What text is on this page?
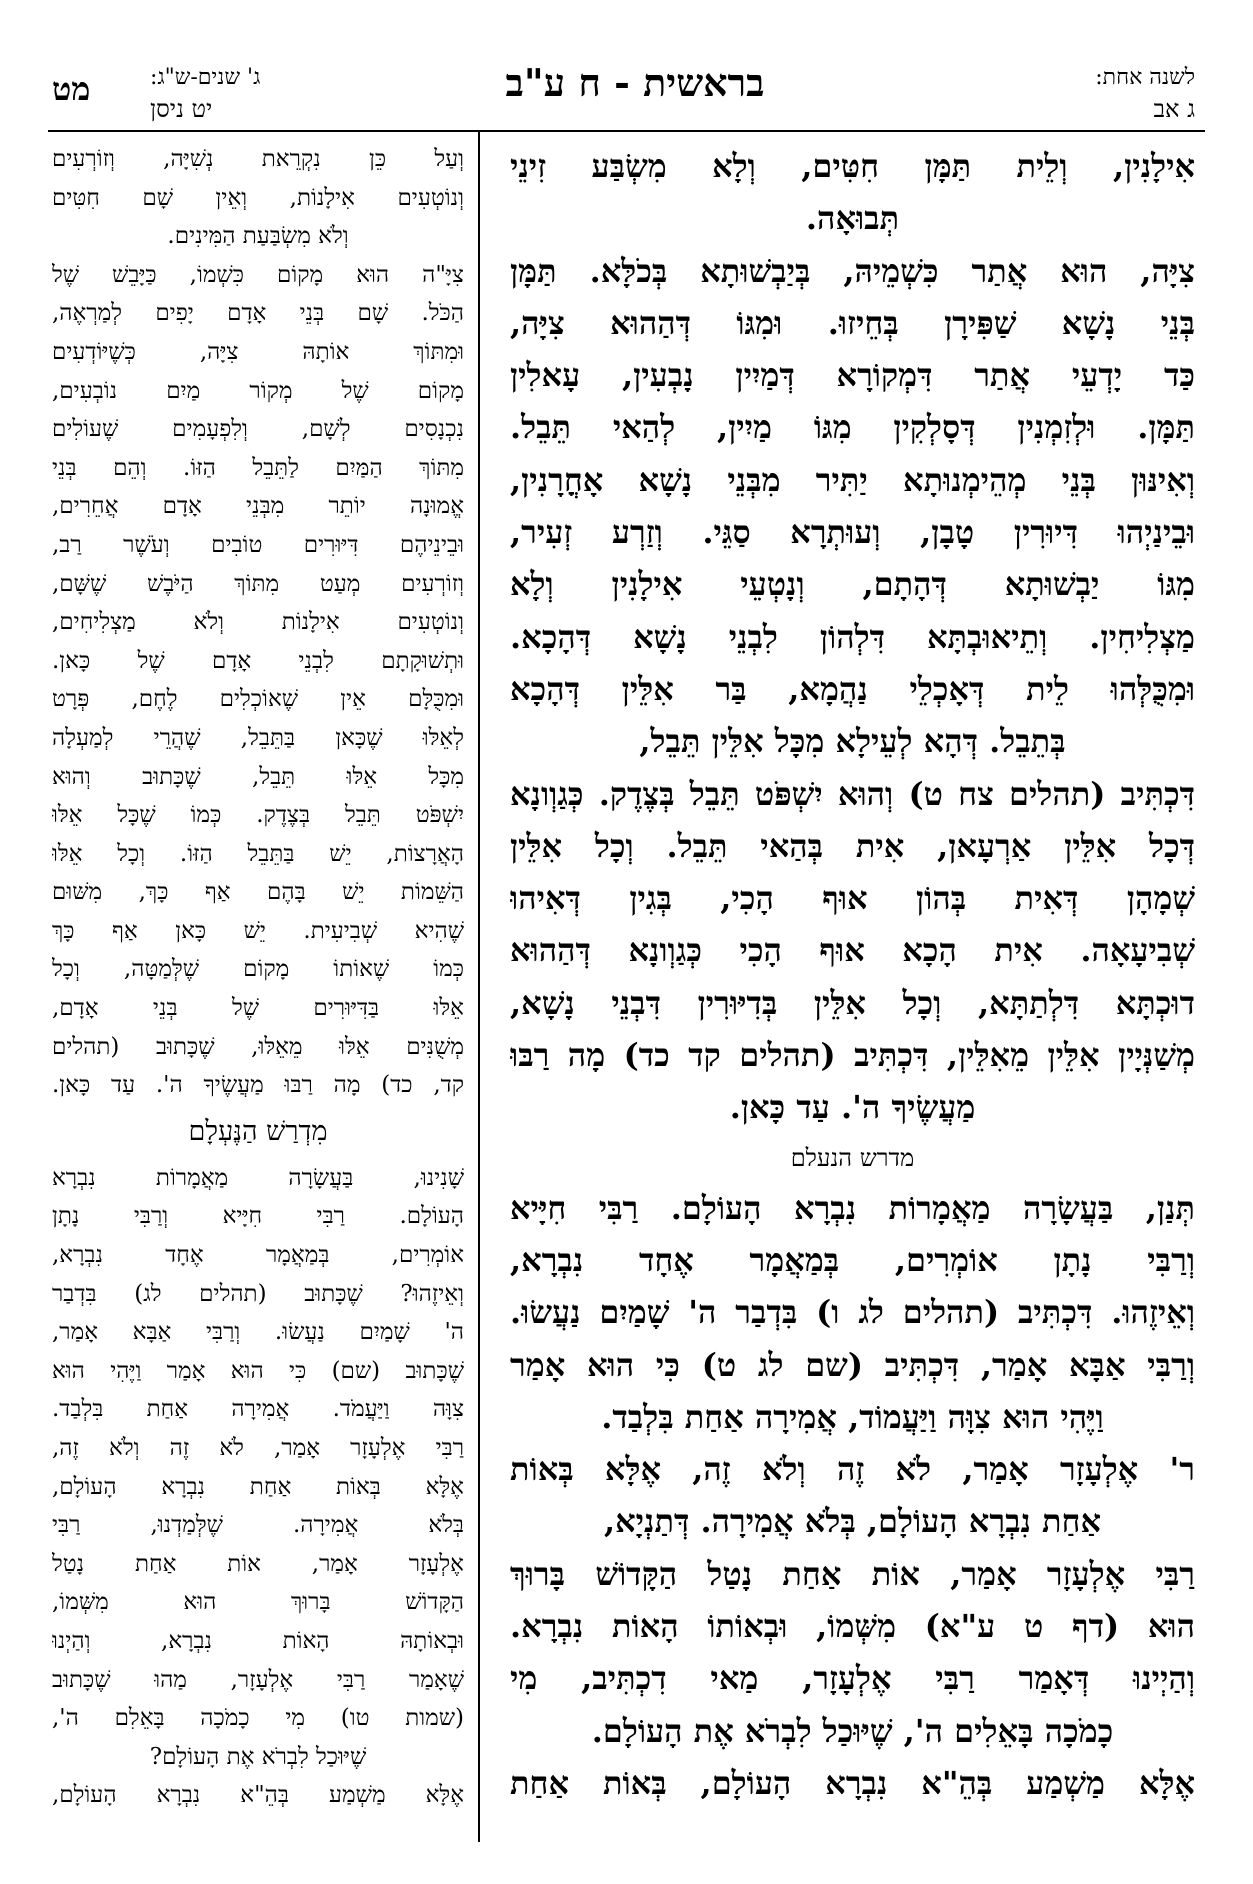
לשנה אחת:
ג אב
בראשית - ח ע"ב
ג' שנים-ש"ג:
יט ניסן
מט
אִילָנִין, וְלֵית תַּמָּן חִטִּים, וְלָא מִשְׂבַּע זִינֵי
תְּבוּאָה.
צִיָּה, הוּא אֲתַר כִּשְׁמֵיהּ, בְּיַבְשׁוּתָא בְּכֹלָּא. תַּמָּן
בְּנֵי נָשָׁא שַׁפִּירָן בְּחֵיזוּ. וּמִגּוֹ דְּהַהוּא צִיָּה,
כַּד יָדְעֵי אֲתַר דִּמְקוֹרָא דְּמַיִין נָבְעִין, עָאלִין
תַּמָּן. וּלְזִמְנִין דְּסָלְקִין מִגּוֹ מַיִין, לְהַאי תֵּבֵל.
וְאִינּוּן בְּנֵי מְהֵימְנוּתָא יַתִּיר מִבְּנֵי נָשָׁא אָחֳרָנִין,
וּבֵינַיְהוּ דִּיוּרִין טָבָן, וְעוּתְרָא סַגֵּי. וְזַרְע זְעִיר,
מִגּוֹ יַבְשׁוּתָא דְּהָתָם, וְנָטְעֵי אִילָנִין וְלָא
מַצְלִיחִין. וְתֵיאוּבְתָּא דִּלְהוֹן לִבְנֵי נָשָׁא דְּהָכָא.
וּמִכֻּלְּהוּ לֵית דְּאָכְלֵי נַהֲמָא, בַּר אִלֵּין דְּהָכָא
בְּתֵבֵל. דְּהָא לְעֵילָא מִכָּל אִלֵּין תֵּבֵל,
דִּכְתִּיב (תהלים צח ט) וְהוּא יִשְׁפֹּט תֵּבֵל בְּצֶדֶק. כְּגַוְונָא
דְּכָל אִלֵּין אַרְעָאן, אִית בְּהַאי תֵּבֵל. וְכָל אִלֵּין
שְׁמָהָן דְּאִית בְּהוֹן אוּף הָכִי, בְּגִין דְּאִיהוּ
שְׁבִיעָאָה. אִית הָכָא אוּף הָכִי כְּגַוְונָא דְּהַהוּא
דוּכְתָּא דִּלְתַתָּא, וְכָל אִלֵּין בְּדִיּוּרִין דִּבְנֵי נָשָׁא,
מְשַׁנְּיָין אִלֵּין מֵאִלֵּין, דִּכְתִּיב (תהלים קד כד) מָה רַבּוּ
מַעֲשֶׂיךָ ה'. עַד כָּאן.
מדרש הנעלם
תְּנַן, בַּעֲשָׂרָה מַאֲמָרוֹת נִבְרָא הָעוֹלָם. רַבִּי חִיָּיא
וְרַבִּי נָתָן אוֹמְרִים, בְּמַאֲמָר אֶחָד נִבְרָא,
וְאֵיזֶהוּ. דִּכְתִּיב (תהלים לג ו) בִּדְבַר ה' שָׁמַיִם נַעֲשׂוּ.
וְרַבִּי אַבָּא אָמַר, דִּכְתִּיב (שם לג ט) כִּי הוּא אָמַר
וַיֶּהִי הוּא צִוָּה וַיַּעֲמוֹד, אֲמִירָה אַחַת בִּלְבַד.
ר' אֶלְעָזָר אָמַר, לֹא זֶה וְלֹא זֶה, אֶלָּא בְּאוֹת
אַחַת נִבְרָא הָעוֹלָם, בְּלֹא אֲמִירָה. דְּתַנְיָא,
רַבִּי אֶלְעָזָר אָמַר, אוֹת אַחַת נָטַל הַקָּדוֹשׁ בָּרוּךְ
הוּא (דף ט ע"א) מִשְּׁמוֹ, וּבְאוֹתוֹ הָאוֹת נִבְרָא.
וְהַיְינוּ דְּאָמַר רַבִּי אֶלְעָזָר, מַאי דִכְתִּיב, מִי
כָמֹכָה בָּאֵלִים ה', שֶׁיּוּכַל לִבְרֹא אֶת הָעוֹלָם.
אֶלָּא מַשְׁמַע בְּהֵ"א נִבְרָא הָעוֹלָם, בְּאוֹת אַחַת
וְעַל כֵּן נִקְרֵאת נְשִׁיָּה, וְזוֹרְעִים
וְנוֹטְעִים אִילָנוֹת, וְאֵין שָׁם חִטִּים
וְלֹא מִשְׂבַּעַת הַמִּינִים.
צִיָּ"ה הוּא מָקוֹם כִּשְׁמוֹ, כַּיָּבֵשׁ שֶׁל
הַכֹּל. שָׁם בְּנֵי אָדָם יָפִים לְמַרְאֶה,
וּמִתּוֹךְ אוֹתָהּ צִיָּה, כְּשֶׁיּוֹדְעִים
מָקוֹם שֶׁל מְקוֹר מַיִם נוֹבְעִים,
נִכְנָסִים לְשָׁם, וְלִפְעָמִים שֶׁעוֹלִים
מִתּוֹךְ הַמַּיִם לַתֵּבֵל הַזּוֹ. וְהֵם בְּנֵי
אֱמוּנָה יוֹתֵר מִבְּנֵי אָדָם אֲחֵרִים,
וּבֵינֵיהֶם דִּיּוּרִים טוֹבִים וְעֹשֶׁר רַב,
וְזוֹרְעִים מְעַט מִתּוֹךְ הַיֹּבֶשׁ שֶׁשָּׁם,
וְנוֹטְעִים אִילָנוֹת וְלֹא מַצְלִיחִים,
וּתְשׁוּקָתָם לִבְנֵי אָדָם שֶׁל כָּאן.
וּמִכֻּלָּם אֵין שֶׁאוֹכְלִים לֶחֶם, פְּרָט
לְאֵלּוּ שֶׁכָּאן בַּתֵּבֵל, שֶׁהֲרֵי לְמַעְלָה
מִכָּל אֵלּוּ תֵּבֵל, שֶׁכָּתוּב וְהוּא
יִשְׁפֹּט תֵּבֵל בְּצֶדֶק. כְּמוֹ שֶׁכָּל אֵלּוּ
הָאֲרָצוֹת, יֵשׁ בַּתֵּבֵל הַזּוֹ. וְכָל אֵלּוּ
הַשֵּׁמוֹת יֵשׁ בָּהֶם אַף כָּךְ, מִשּׁוּם
שֶׁהִיא שְׁבִיעִית. יֵשׁ כָּאן אַף כָּךְ
כְּמוֹ שֶׁאוֹתוֹ מָקוֹם שֶׁלְּמַטָּה, וְכָל
אֵלּוּ בַּדִּיּוּרִים שֶׁל בְּנֵי אָדָם,
מְשֻׁנִּים אֵלּוּ מֵאֵלּוּ, שֶׁכָּתוּב (תהלים
קד, כד) מָה רַבּוּ מַעֲשֶׂיךָ ה'. עַד כָּאן.
מִדְרַשׁ הַנֶּעְלָם
שָׁנִינוּ, בַּעֲשָׂרָה מַאֲמָרוֹת נִבְרָא
הָעוֹלָם. רַבִּי חִיָּיא וְרַבִּי נָתָן
אוֹמְרִים, בְּמַאֲמָר אֶחָד נִבְרָא,
וְאֵיזֶהוּ? שֶׁכָּתוּב (תהלים לג) בִּדְבַר
ה' שָׁמַיִם נַעֲשׂוּ. וְרַבִּי אַבָּא אָמַר,
שֶׁכָּתוּב (שם) כִּי הוּא אָמַר וַיֶּהִי הוּא
צִוָּה וַיַּעֲמֹד. אֲמִירָה אַחַת בִּלְבַד.
רַבִּי אֶלְעָזָר אָמַר, לֹא זֶה וְלֹא זֶה,
אֶלָּא בְּאוֹת אַחַת נִבְרָא הָעוֹלָם,
בְּלֹא אֲמִירָה. שֶׁלְּמַדְנוּ, רַבִּי
אֶלְעָזָר אָמַר, אוֹת אַחַת נָטַל
הַקָּדוֹשׁ בָּרוּךְ הוּא מִשְּׁמוֹ,
וּבְאוֹתָהּ הָאוֹת נִבְרָא, וְהַיְנוּ
שֶׁאָמַר רַבִּי אֶלְעָזָר, מַהוּ שֶׁכָּתוּב
(שמות טו) מִי כָמֹכָה בָּאֵלִם ה',
שֶׁיּוּכַל לִבְרֹא אֶת הָעוֹלָם?
אֶלָּא מַשְׁמַע בְּהֵ"א נִבְרָא הָעוֹלָם,
